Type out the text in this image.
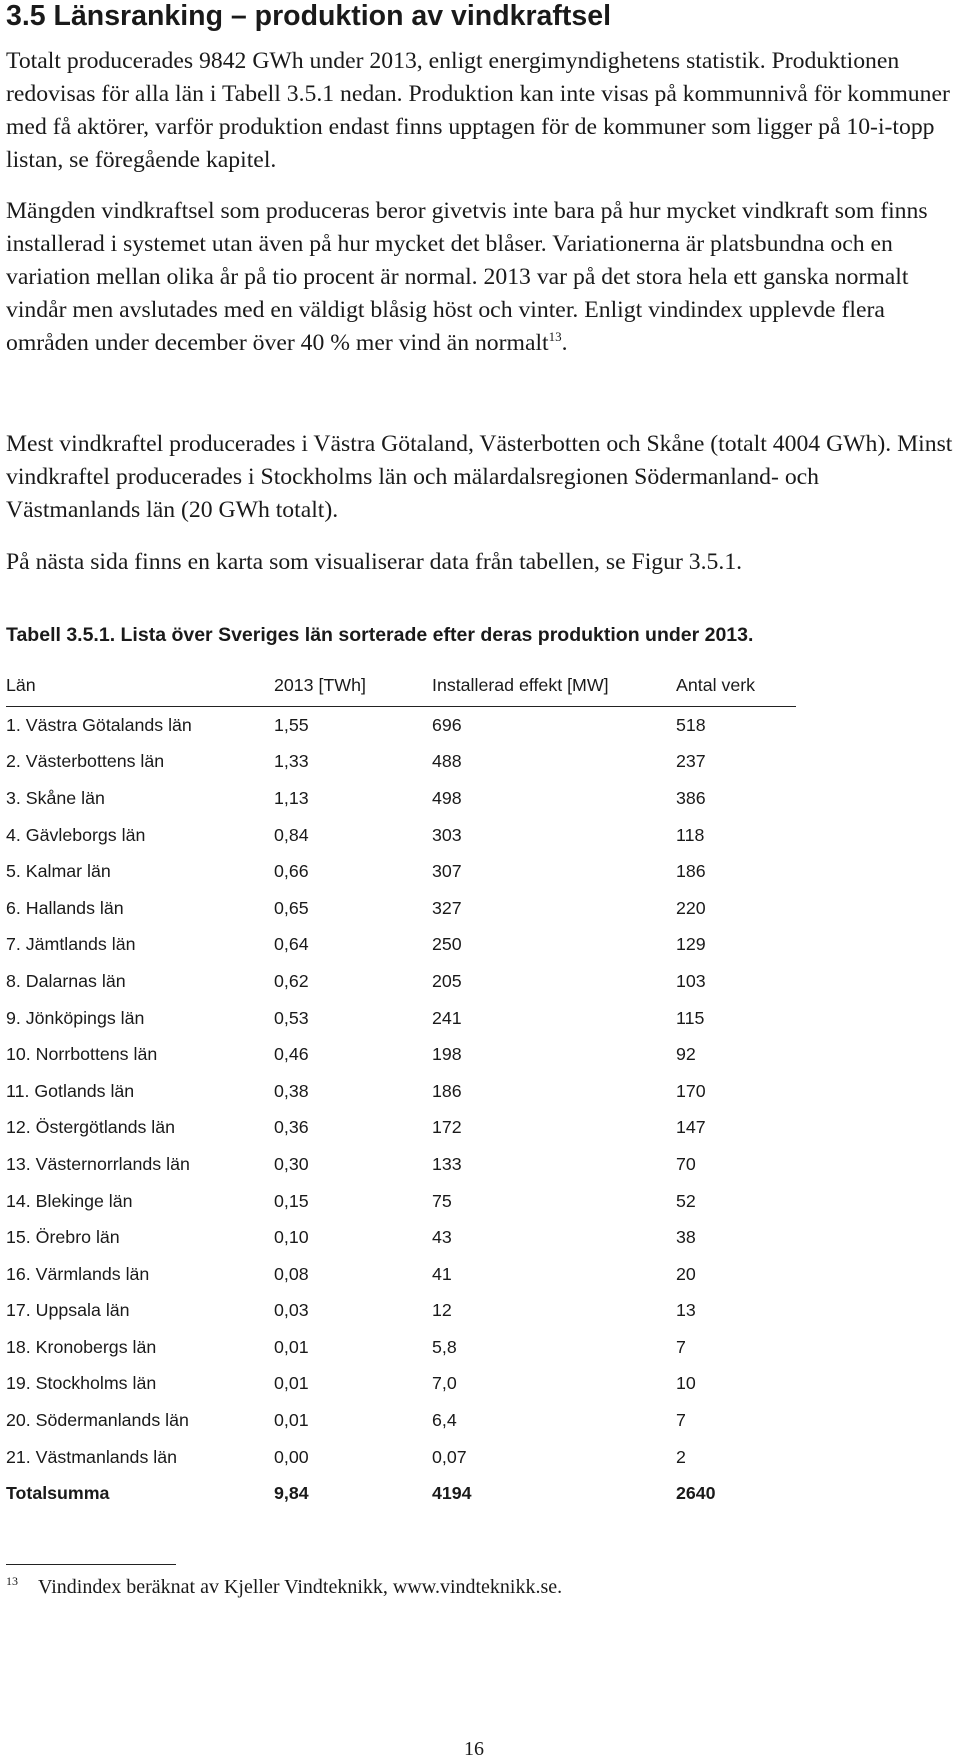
3.5 Länsranking – produktion av vindkraftsel

Totalt producerades 9842 GWh under 2013, enligt energimyndighetens statistik. Produktionen redovisas för alla län i Tabell 3.5.1 nedan. Produktion kan inte visas på kommunnivå för kommuner med få aktörer, varför produktion endast finns upptagen för de kommuner som ligger på 10-i-topp listan, se föregående kapitel.

Mängden vindkraftsel som produceras beror givetvis inte bara på hur mycket vindkraft som finns installerad i systemet utan även på hur mycket det blåser. Variationerna är platsbundna och en variation mellan olika år på tio procent är normal. 2013 var på det stora hela ett ganska normalt vindår men avslutades med en väldigt blåsig höst och vinter. Enligt vindindex upplevde flera områden under december över 40 % mer vind än normalt$^{13}$.

Mest vindkraftel producerades i Västra Götaland, Västerbotten och Skåne (totalt 4004 GWh). Minst vindkraftel producerades i Stockholms län och mälardalsregionen Södermanland- och Västmanlands län (20 GWh totalt).

På nästa sida finns en karta som visualiserar data från tabellen, se Figur 3.5.1.

Tabell 3.5.1. Lista över Sveriges län sorterade efter deras produktion under 2013.

Län	2013 [TWh]	Installerad effekt [MW]	Antal verk
1. Västra Götalands län	1,55	696	518
2. Västerbottens län	1,33	488	237
3. Skåne län	1,13	498	386
4. Gävleborgs län	0,84	303	118
5. Kalmar län	0,66	307	186
6. Hallands län	0,65	327	220
7. Jämtlands län	0,64	250	129
8. Dalarnas län	0,62	205	103
9. Jönköpings län	0,53	241	115
10. Norrbottens län	0,46	198	92
11. Gotlands län	0,38	186	170
12. Östergötlands län	0,36	172	147
13. Västernorrlands län	0,30	133	70
14. Blekinge län	0,15	75	52
15. Örebro län	0,10	43	38
16. Värmlands län	0,08	41	20
17. Uppsala län	0,03	12	13
18. Kronobergs län	0,01	5,8	7
19. Stockholms län	0,01	7,0	10
20. Södermanlands län	0,01	6,4	7
21. Västmanlands län	0,00	0,07	2
Totalsumma	9,84	4194	2640
$^{13}$ Vindindex beräknat av Kjeller Vindteknikk, www.vindteknikk.se.
16
